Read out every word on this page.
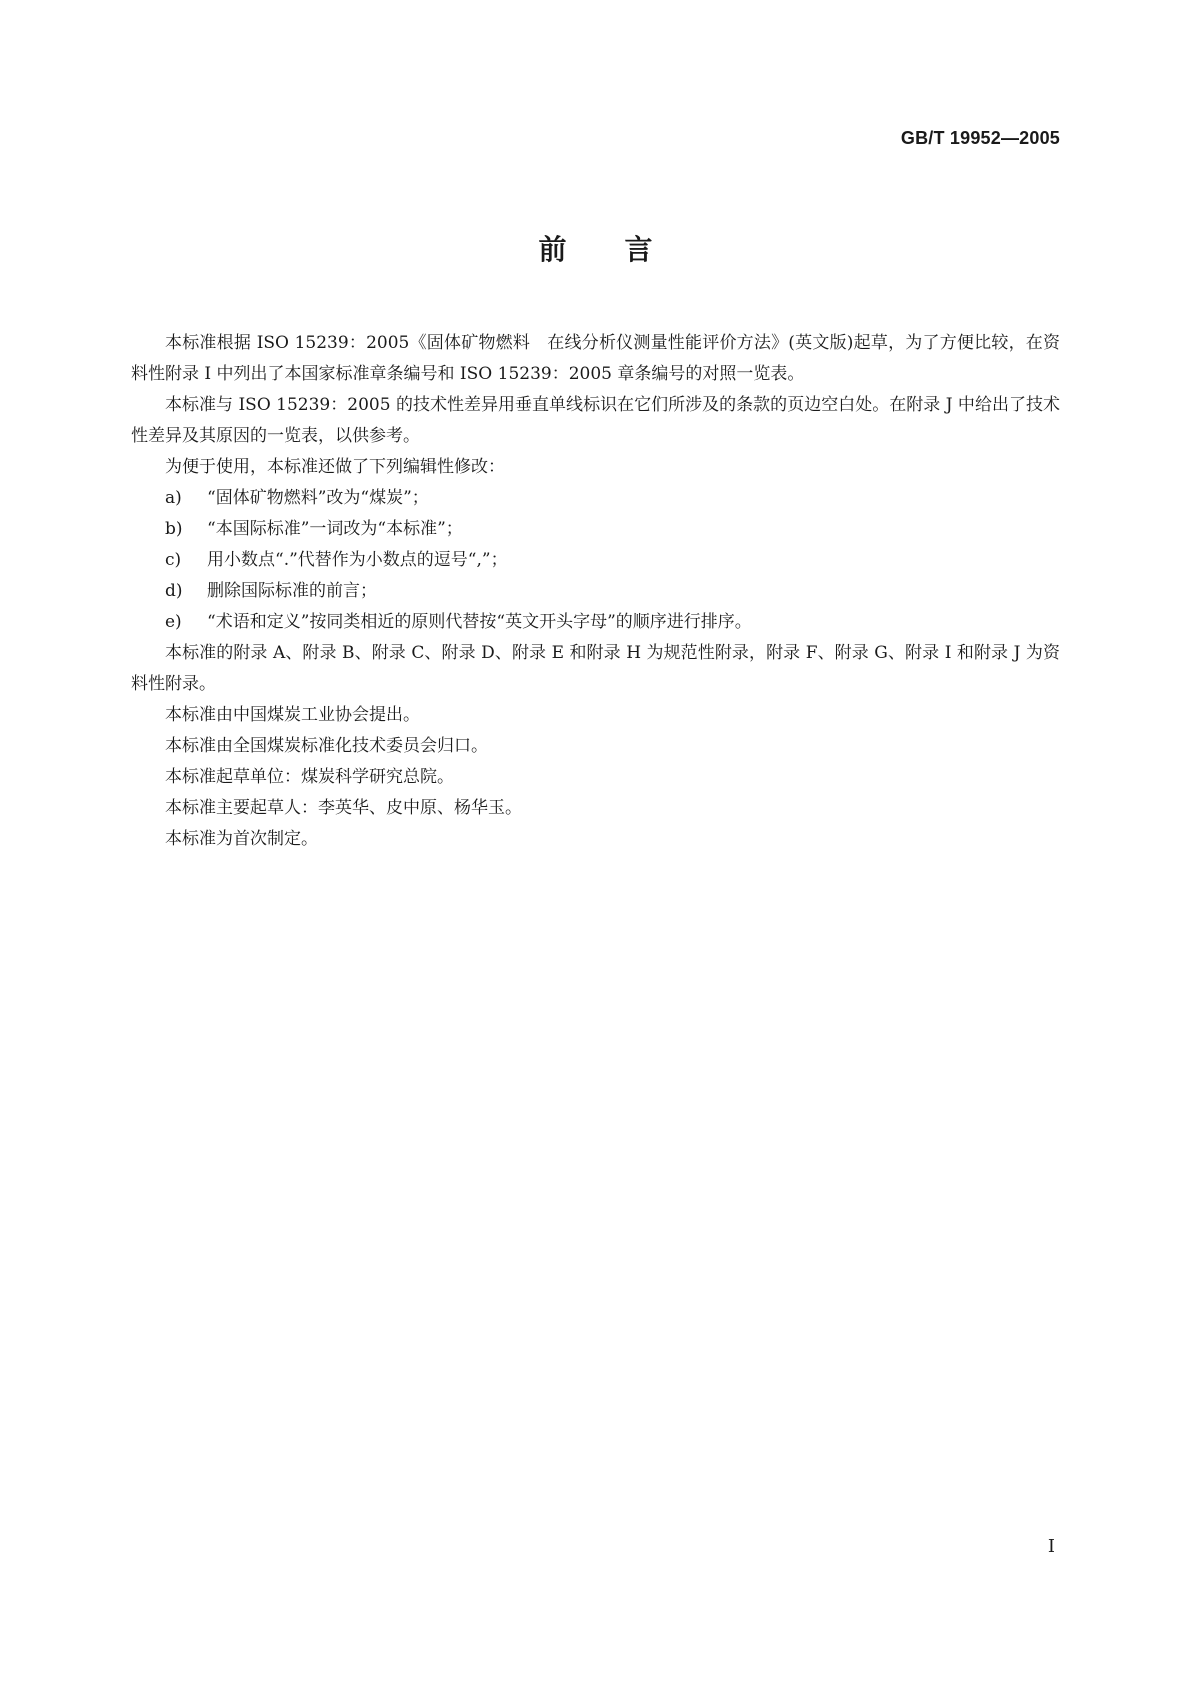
GB/T 19952—2005
前 言

本标准根据 ISO 15239：2005《固体矿物燃料　在线分析仪测量性能评价方法》(英文版)起草，为了方便比较，在资料性附录 I 中列出了本国家标准章条编号和 ISO 15239：2005 章条编号的对照一览表。

本标准与 ISO 15239：2005 的技术性差异用垂直单线标识在它们所涉及的条款的页边空白处。在附录 J 中给出了技术性差异及其原因的一览表，以供参考。

为便于使用，本标准还做了下列编辑性修改：

a)	“固体矿物燃料”改为“煤炭”；
b)	“本国际标准”一词改为“本标准”；
c)	用小数点“.”代替作为小数点的逗号“,”；
d)	删除国际标准的前言；
e)	“术语和定义”按同类相近的原则代替按“英文开头字母”的顺序进行排序。

本标准的附录 A、附录 B、附录 C、附录 D、附录 E 和附录 H 为规范性附录，附录 F、附录 G、附录 I 和附录 J 为资料性附录。

本标准由中国煤炭工业协会提出。

本标准由全国煤炭标准化技术委员会归口。

本标准起草单位：煤炭科学研究总院。

本标准主要起草人：李英华、皮中原、杨华玉。

本标准为首次制定。

I
